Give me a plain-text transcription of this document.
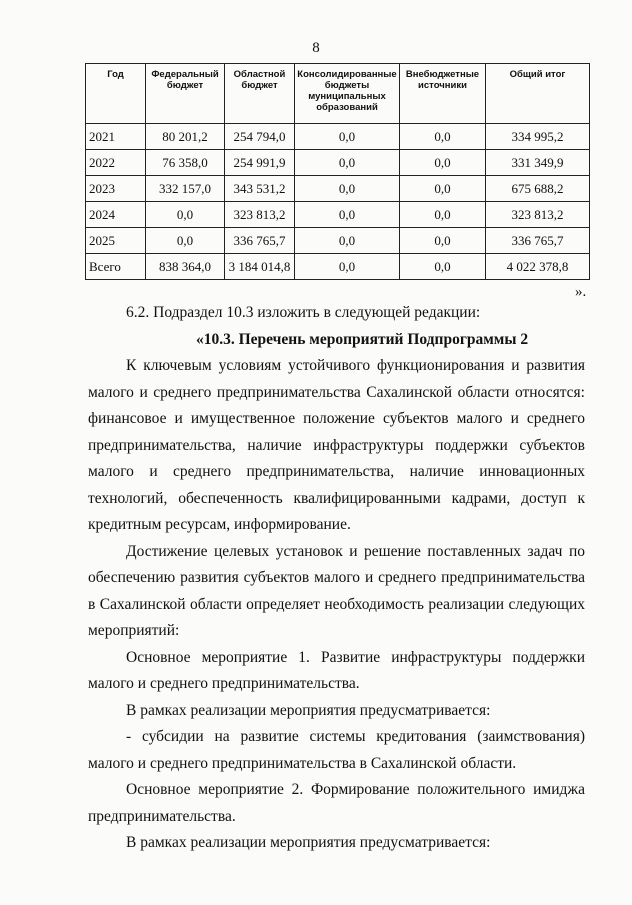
8
Год	Федеральный бюджет	Областной бюджет	Консолидированные бюджеты муниципальных образований	Внебюджетные источники	Общий итог
2021	80 201,2	254 794,0	0,0	0,0	334 995,2
2022	76 358,0	254 991,9	0,0	0,0	331 349,9
2023	332 157,0	343 531,2	0,0	0,0	675 688,2
2024	0,0	323 813,2	0,0	0,0	323 813,2
2025	0,0	336 765,7	0,0	0,0	336 765,7
Всего	838 364,0	3 184 014,8	0,0	0,0	4 022 378,8
».

6.2. Подраздел 10.3 изложить в следующей редакции:

«10.3. Перечень мероприятий Подпрограммы 2

К ключевым условиям устойчивого функционирования и развития малого и среднего предпринимательства Сахалинской области относятся: финансовое и имущественное положение субъектов малого и среднего предпринимательства, наличие инфраструктуры поддержки субъектов малого и среднего предпринимательства, наличие инновационных технологий, обеспеченность квалифицированными кадрами, доступ к кредитным ресурсам, информирование.

Достижение целевых установок и решение поставленных задач по обеспечению развития субъектов малого и среднего предпринимательства в Сахалинской области определяет необходимость реализации следующих мероприятий:

Основное мероприятие 1. Развитие инфраструктуры поддержки малого и среднего предпринимательства.

В рамках реализации мероприятия предусматривается:

- субсидии на развитие системы кредитования (заимствования) малого и среднего предпринимательства в Сахалинской области.

Основное мероприятие 2. Формирование положительного имиджа предпринимательства.

В рамках реализации мероприятия предусматривается:
